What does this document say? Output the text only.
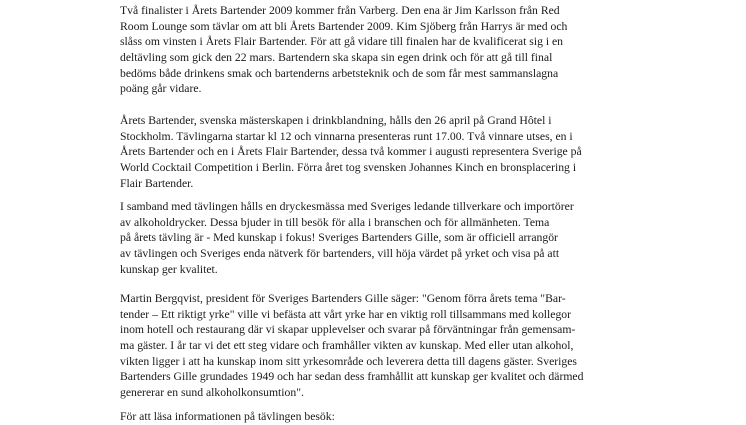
Två finalister i Årets Bartender 2009 kommer från Varberg. Den ena är Jim Karlsson från Red
Room Lounge som tävlar om att bli Årets Bartender 2009. Kim Sjöberg från Harrys är med och
slåss om vinsten i Årets Flair Bartender. För att gå vidare till finalen har de kvalificerat sig i en
deltävling som gick den 22 mars. Bartendern ska skapa sin egen drink och för att gå till final
bedöms både drinkens smak och bartenderns arbetsteknik och de som får mest sammanslagna
poäng går vidare.

Årets Bartender, svenska mästerskapen i drinkblandning, hålls den 26 april på Grand Hôtel i
Stockholm. Tävlingarna startar kl 12 och vinnarna presenteras runt 17.00. Två vinnare utses, en i
Årets Bartender och en i Årets Flair Bartender, dessa två kommer i augusti representera Sverige på
World Cocktail Competition i Berlin. Förra året tog svensken Johannes Kinch en bronsplacering i
Flair Bartender.

I samband med tävlingen hålls en dryckesmässa med Sveriges ledande tillverkare och importörer
av alkoholdrycker. Dessa bjuder in till besök för alla i branschen och för allmänheten. Tema
på årets tävling är - Med kunskap i fokus! Sveriges Bartenders Gille, som är officiell arrangör
av tävlingen och Sveriges enda nätverk för bartenders, vill höja värdet på yrket och visa på att
kunskap ger kvalitet.

Martin Bergqvist, president för Sveriges Bartenders Gille säger: "Genom förra årets tema "Bar-
tender – Ett riktigt yrke" ville vi befästa att vårt yrke har en viktig roll tillsammans med kollegor
inom hotell och restaurang där vi skapar upplevelser och svarar på förväntningar från gemensam-
ma gäster. I år tar vi det ett steg vidare och framhåller vikten av kunskap. Med eller utan alkohol,
vikten ligger i att ha kunskap inom sitt yrkesområde och leverera detta till dagens gäster. Sveriges
Bartenders Gille grundades 1949 och har sedan dess framhållit att kunskap ger kvalitet och därmed
genererar en sund alkoholkonsumtion".

För att läsa informationen på tävlingen besök:
